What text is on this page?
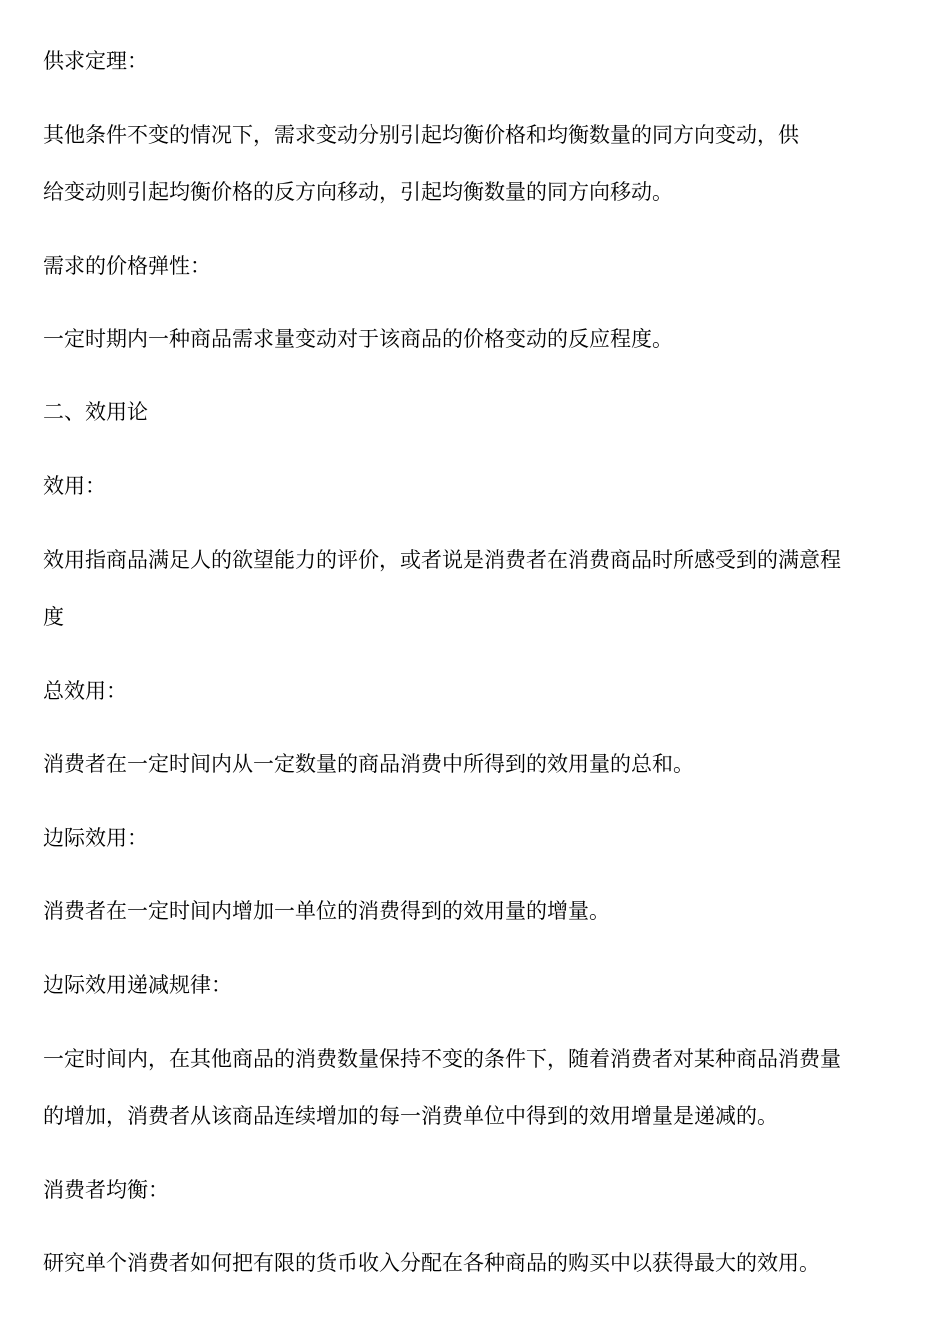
供求定理：
其他条件不变的情况下，需求变动分别引起均衡价格和均衡数量的同方向变动，供
给变动则引起均衡价格的反方向移动，引起均衡数量的同方向移动。
需求的价格弹性：
一定时期内一种商品需求量变动对于该商品的价格变动的反应程度。
二、效用论
效用：
效用指商品满足人的欲望能力的评价，或者说是消费者在消费商品时所感受到的满意程
度
总效用：
消费者在一定时间内从一定数量的商品消费中所得到的效用量的总和。
边际效用：
消费者在一定时间内增加一单位的消费得到的效用量的增量。
边际效用递减规律：
一定时间内，在其他商品的消费数量保持不变的条件下，随着消费者对某种商品消费量
的增加，消费者从该商品连续增加的每一消费单位中得到的效用增量是递减的。
消费者均衡：
研究单个消费者如何把有限的货币收入分配在各种商品的购买中以获得最大的效用。
